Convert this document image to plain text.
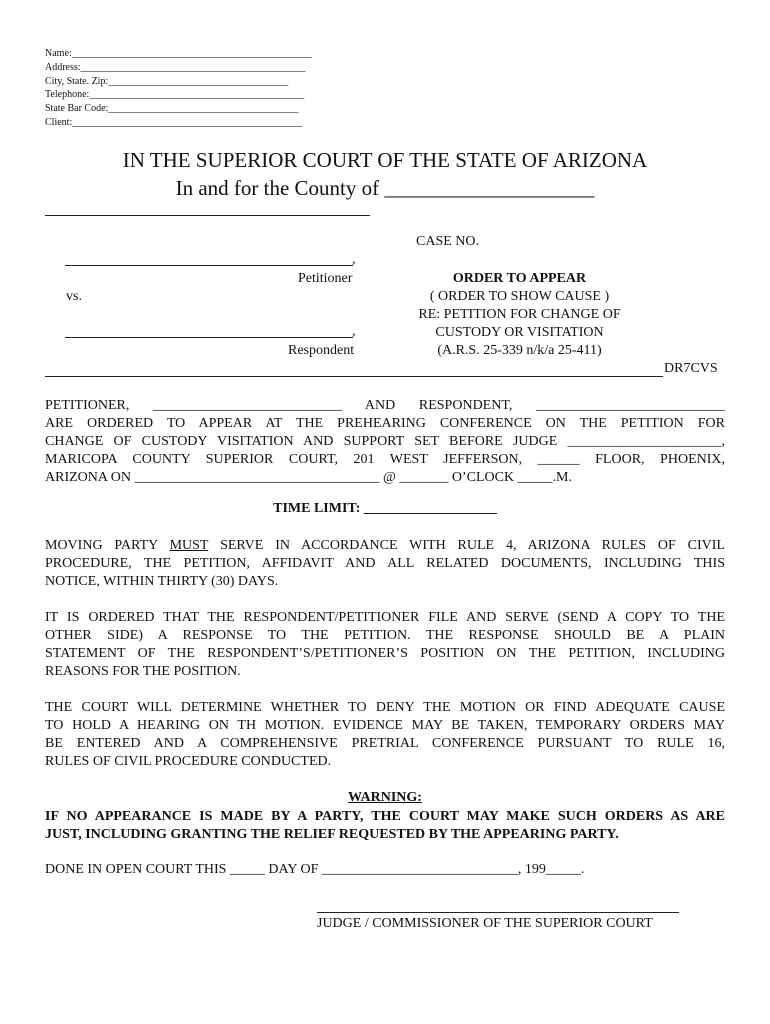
Name:________________________________________________
Address:_____________________________________________
City, State. Zip:____________________________________
Telephone:___________________________________________
State Bar Code:______________________________________
Client:______________________________________________
IN THE SUPERIOR COURT OF THE STATE OF ARIZONA
In and for the County of ____________________
CASE NO.
,
Petitioner
vs.
,
Respondent
ORDER TO APPEAR
( ORDER TO SHOW CAUSE )
RE: PETITION FOR CHANGE OF
CUSTODY OR VISITATION
(A.R.S. 25-339 n/k/a 25-411)
DR7CVS
PETITIONER, ___________________________ AND RESPONDENT, ___________________________
ARE ORDERED TO APPEAR AT THE PREHEARING CONFERENCE ON THE PETITION FOR
CHANGE OF CUSTODY VISITATION AND SUPPORT SET BEFORE JUDGE ______________________,
MARICOPA COUNTY SUPERIOR COURT, 201 WEST JEFFERSON, ______ FLOOR, PHOENIX,
ARIZONA ON ___________________________________ @ _______ O’CLOCK _____.M.
TIME LIMIT: ___________________
MOVING PARTY MUST SERVE IN ACCORDANCE WITH RULE 4, ARIZONA RULES OF CIVIL
PROCEDURE, THE PETITION, AFFIDAVIT AND ALL RELATED DOCUMENTS, INCLUDING THIS
NOTICE, WITHIN THIRTY (30) DAYS.
IT IS ORDERED THAT THE RESPONDENT/PETITIONER FILE AND SERVE (SEND A COPY TO THE
OTHER SIDE) A RESPONSE TO THE PETITION. THE RESPONSE SHOULD BE A PLAIN
STATEMENT OF THE RESPONDENT’S/PETITIONER’S POSITION ON THE PETITION, INCLUDING
REASONS FOR THE POSITION.
THE COURT WILL DETERMINE WHETHER TO DENY THE MOTION OR FIND ADEQUATE CAUSE
TO HOLD A HEARING ON TH MOTION. EVIDENCE MAY BE TAKEN, TEMPORARY ORDERS MAY
BE ENTERED AND A COMPREHENSIVE PRETRIAL CONFERENCE PURSUANT TO RULE 16,
RULES OF CIVIL PROCEDURE CONDUCTED.
WARNING:
IF NO APPEARANCE IS MADE BY A PARTY, THE COURT MAY MAKE SUCH ORDERS AS ARE
JUST, INCLUDING GRANTING THE RELIEF REQUESTED BY THE APPEARING PARTY.
DONE IN OPEN COURT THIS _____ DAY OF ____________________________, 199_____.
JUDGE / COMMISSIONER OF THE SUPERIOR COURT
